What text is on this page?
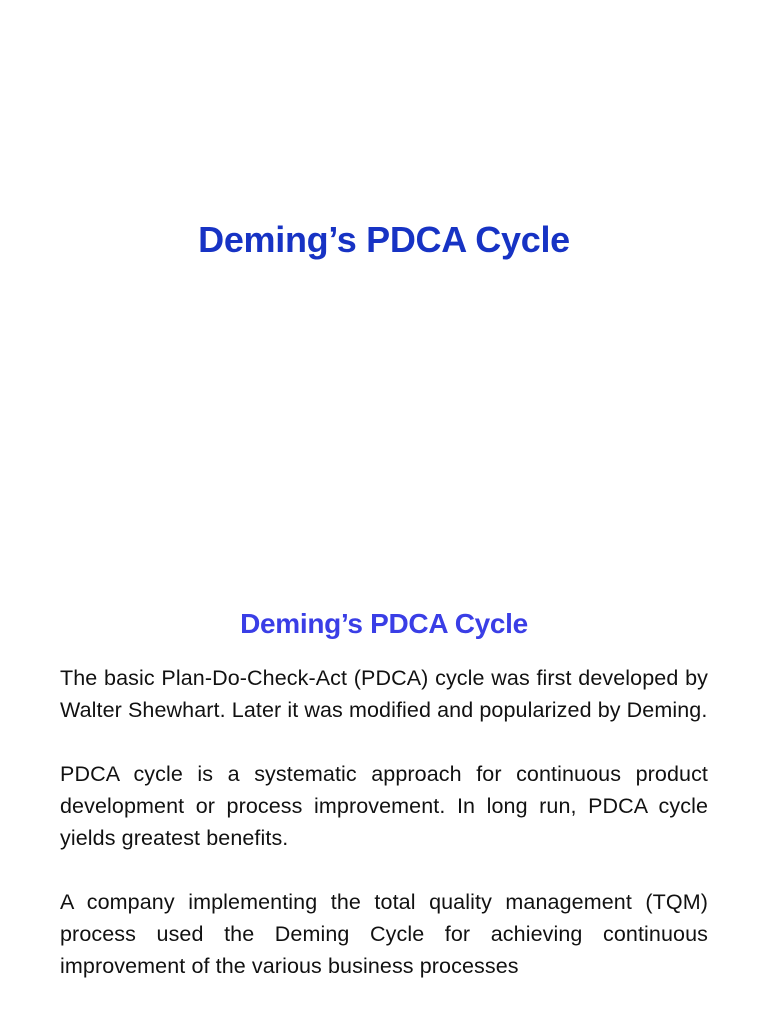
Deming’s PDCA Cycle
Deming’s PDCA Cycle

The basic Plan-Do-Check-Act (PDCA) cycle was first developed by Walter Shewhart. Later it was modified and popularized by Deming.

PDCA cycle is a systematic approach for continuous product development or process improvement. In long run, PDCA cycle yields greatest benefits.

A company implementing the total quality management (TQM) process used the Deming Cycle for achieving continuous improvement of the various business processes
